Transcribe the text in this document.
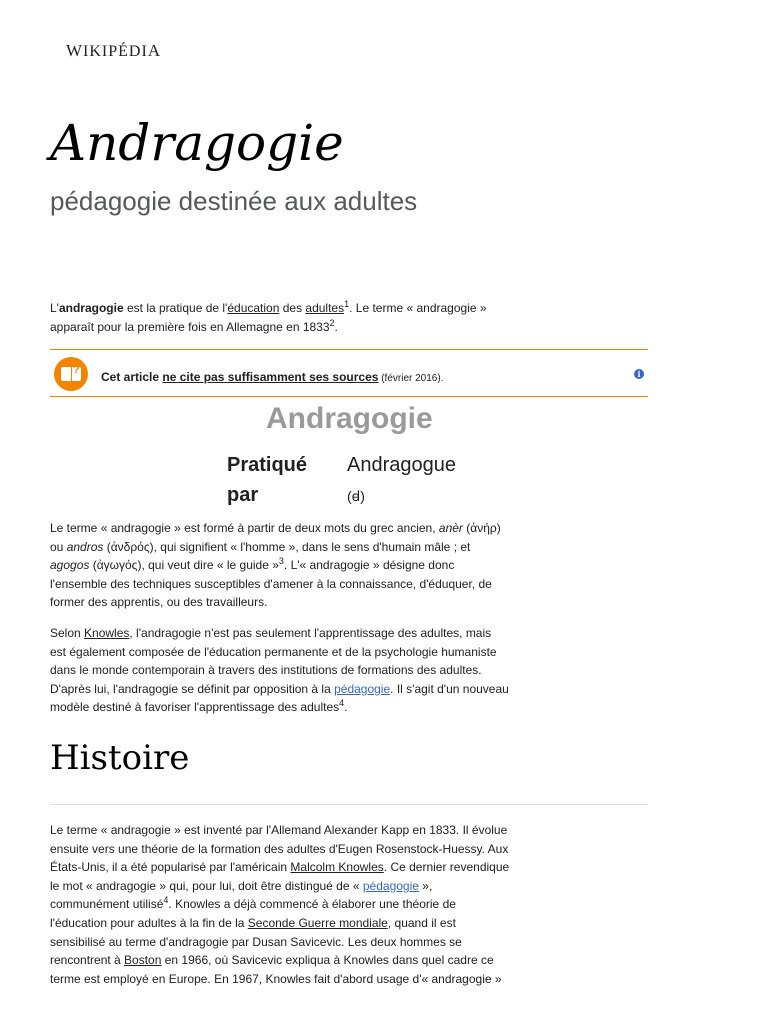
WIKIPÉDIA
Andragogie

pédagogie destinée aux adultes

L'andragogie est la pratique de l'éducation des adultes$^1$. Le terme « andragogie » apparaît pour la première fois en Allemagne en 1833$^2$.

? Cet article ne cite pas suffisamment ses sources (février 2016).	i
Andragogie
Pratiqué par
Andragogue
(ꟈ)

Le terme « andragogie » est formé à partir de deux mots du grec ancien, anèr (ἀνήρ) ou andros (ἀνδρός), qui signifient « l'homme », dans le sens d'humain mâle ; et agogos (ἀγωγός), qui veut dire « le guide »$^3$. L'« andragogie » désigne donc l'ensemble des techniques susceptibles d'amener à la connaissance, d'éduquer, de former des apprentis, ou des travailleurs.

Selon Knowles, l'andragogie n'est pas seulement l'apprentissage des adultes, mais est également composée de l'éducation permanente et de la psychologie humaniste dans le monde contemporain à travers des institutions de formations des adultes. D'après lui, l'andragogie se définit par opposition à la pédagogie. Il s'agit d'un nouveau modèle destiné à favoriser l'apprentissage des adultes$^4$.

Histoire

Le terme « andragogie » est inventé par l'Allemand Alexander Kapp en 1833. Il évolue ensuite vers une théorie de la formation des adultes d'Eugen Rosenstock-Huessy. Aux États-Unis, il a été popularisé par l'américain Malcolm Knowles. Ce dernier revendique le mot « andragogie » qui, pour lui, doit être distingué de « pédagogie », communément utilisé$^4$. Knowles a déjà commencé à élaborer une théorie de l'éducation pour adultes à la fin de la Seconde Guerre mondiale, quand il est sensibilisé au terme d'andragogie par Dusan Savicevic. Les deux hommes se rencontrent à Boston en 1966, où Savicevic expliqua à Knowles dans quel cadre ce terme est employé en Europe. En 1967, Knowles fait d'abord usage d'« andragogie »
